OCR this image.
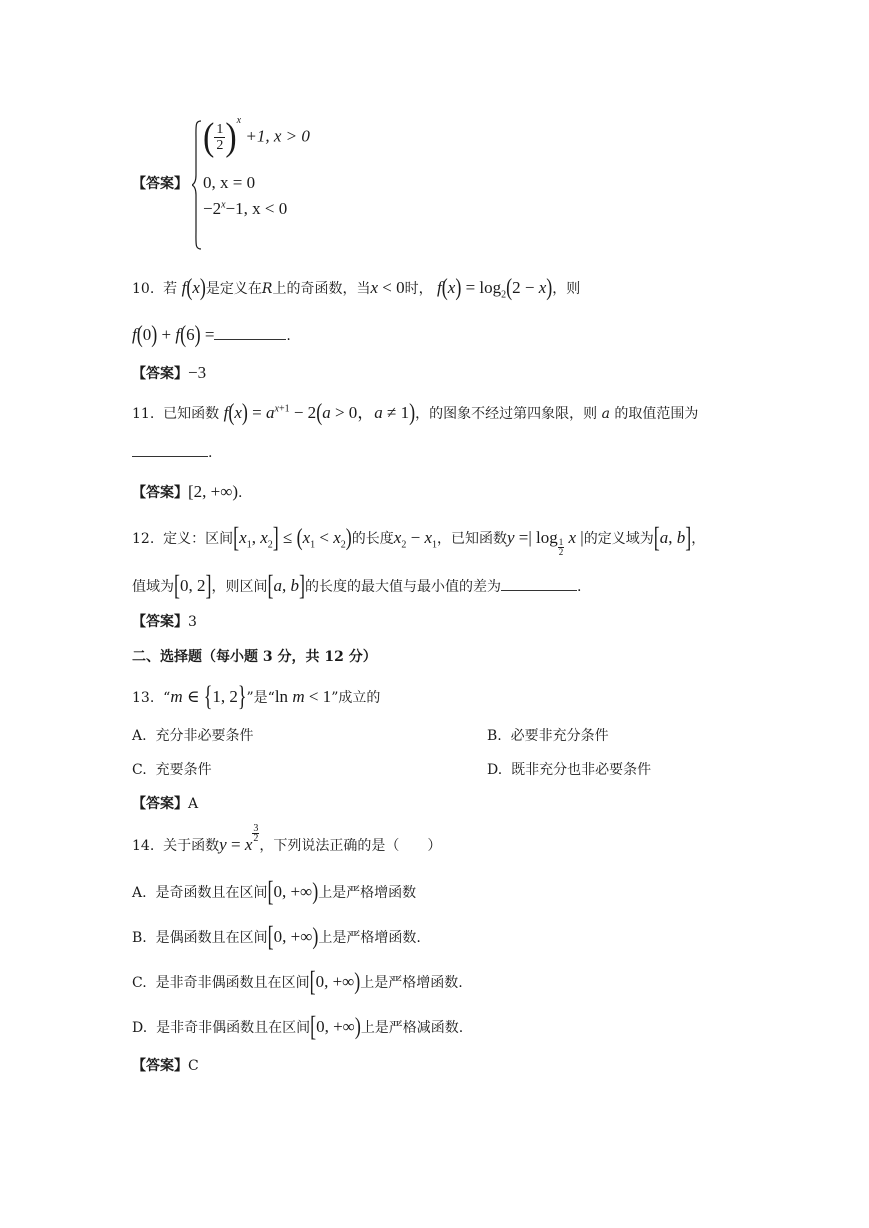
【答案】
( $\frac{1}{2} )^x +1$, x > 0
0, x = 0
$-2^x-1$, x < 0
10. 若 f(x)是定义在R上的奇函数，当x < 0时， $f(x) = \log_2(2 - x)$，则
f(0) + f(6) =	.
【答案】−3
11. 已知函数 $f(x) = a^{x+1} - 2(a > 0$，a ≠ 1)，的图象不经过第四象限，则 a 的取值范围为
.
【答案】[2, +∞).
12. 定义：区间[$x_1$, $x_2] \le (x_1 < x_2)$的长度$x_2 - x_1$，已知函数y =| log
$_{\frac{1}{2}}$
x |的定义域为[a, b]，
值域为[0, 2]，则区间[a, b]的长度的最大值与最小值的差为	.
【答案】3
二、选择题（每小题 3 分，共 12 分）
13. “m ∈ {1, 2}”是“ln m < 1”成立的
A. 充分非必要条件	B. 必要非充分条件
C. 充要条件	D. 既非充分也非必要条件
【答案】A
14. 关于函数y = x
$\frac{3}{2}$
，下列说法正确的是（　　）
A. 是奇函数且在区间[0, +∞)上是严格增函数
B. 是偶函数且在区间[0, +∞)上是严格增函数.
C. 是非奇非偶函数且在区间[0, +∞)上是严格增函数.
D. 是非奇非偶函数且在区间[0, +∞)上是严格减函数.
【答案】C
